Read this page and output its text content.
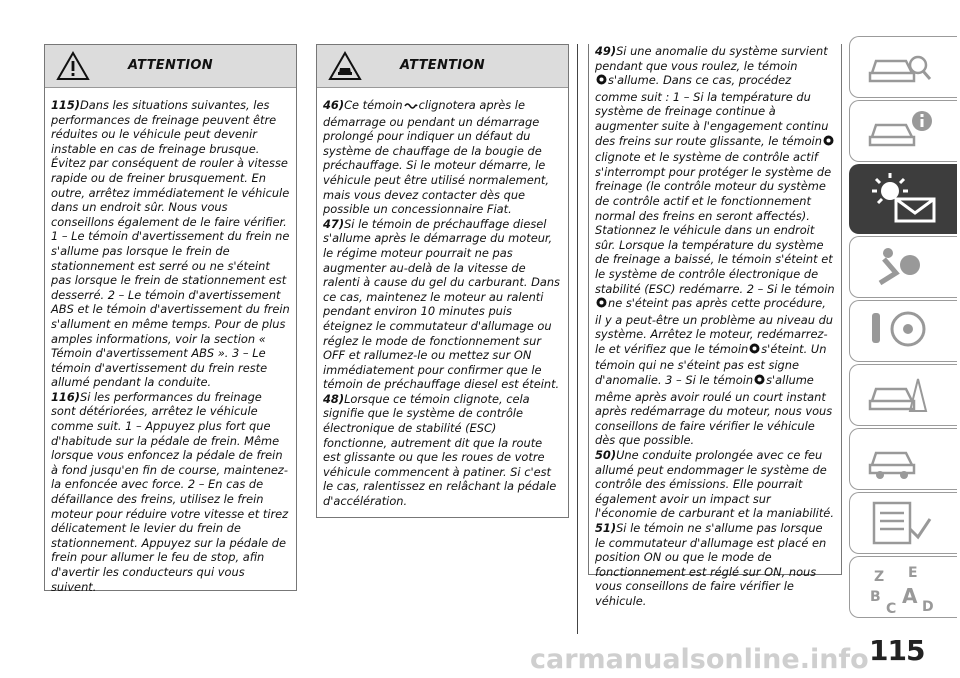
ATTENTION
115)Dans les situations suivantes, les performances de freinage peuvent être réduites ou le véhicule peut devenir instable en cas de freinage brusque. Évitez par conséquent de rouler à vitesse rapide ou de freiner brusquement. En outre, arrêtez immédiatement le véhicule dans un endroit sûr. Nous vous conseillons également de le faire vérifier. 1 – Le témoin d'avertissement du frein ne s'allume pas lorsque le frein de stationnement est serré ou ne s'éteint pas lorsque le frein de stationnement est desserré. 2 – Le témoin d'avertissement ABS et le témoin d'avertissement du frein s'allument en même temps. Pour de plus amples informations, voir la section « Témoin d'avertissement ABS ». 3 – Le témoin d'avertissement du frein reste allumé pendant la conduite.
116)Si les performances du freinage sont détériorées, arrêtez le véhicule comme suit. 1 – Appuyez plus fort que d'habitude sur la pédale de frein. Même lorsque vous enfoncez la pédale de frein à fond jusqu'en fin de course, maintenez-la enfoncée avec force. 2 – En cas de défaillance des freins, utilisez le frein moteur pour réduire votre vitesse et tirez délicatement le levier du frein de stationnement. Appuyez sur la pédale de frein pour allumer le feu de stop, afin d'avertir les conducteurs qui vous suivent.
ATTENTION
46)Ce témoin clignotera après le démarrage ou pendant un démarrage prolongé pour indiquer un défaut du système de chauffage de la bougie de préchauffage. Si le moteur démarre, le véhicule peut être utilisé normalement, mais vous devez contacter dès que possible un concessionnaire Fiat.
47)Si le témoin de préchauffage diesel s'allume après le démarrage du moteur, le régime moteur pourrait ne pas augmenter au-delà de la vitesse de ralenti à cause du gel du carburant. Dans ce cas, maintenez le moteur au ralenti pendant environ 10 minutes puis éteignez le commutateur d'allumage ou réglez le mode de fonctionnement sur OFF et rallumez-le ou mettez sur ON immédiatement pour confirmer que le témoin de préchauffage diesel est éteint.
48)Lorsque ce témoin clignote, cela signifie que le système de contrôle électronique de stabilité (ESC) fonctionne, autrement dit que la route est glissante ou que les roues de votre véhicule commencent à patiner. Si c'est le cas, ralentissez en relâchant la pédale d'accélération.
49)Si une anomalie du système survient pendant que vous roulez, le témoin
s'allume. Dans ce cas, procédez comme suit : 1 – Si la température du système de freinage continue à augmenter suite à l'engagement continu des freins sur route glissante, le témoinclignote et le système de contrôle actif s'interrompt pour protéger le système de freinage (le contrôle moteur du système de contrôle actif et le fonctionnement normal des freins en seront affectés). Stationnez le véhicule dans un endroit sûr. Lorsque la température du système de freinage a baissé, le témoin s'éteint et le système de contrôle électronique de stabilité (ESC) redémarre. 2 – Si le témoinne s'éteint pas après cette procédure, il y a peut-être un problème au niveau du système. Arrêtez le moteur, redémarrez-le et vérifiez que le témoin s'éteint. Un témoin qui ne s'éteint pas est signe d'anomalie. 3 – Si le témoin s'allume même après avoir roulé un court instant après redémarrage du moteur, nous vous conseillons de faire vérifier le véhicule dès que possible.
50)Une conduite prolongée avec ce feu allumé peut endommager le système de contrôle des émissions. Elle pourrait également avoir un impact sur l'économie de carburant et la maniabilité.
51)Si le témoin ne s'allume pas lorsque le commutateur d'allumage est placé en position ON ou que le mode de fonctionnement est réglé sur ON, nous vous conseillons de faire vérifier le véhicule.
Z E
B
C
A D
carmanualsonline.info 115
